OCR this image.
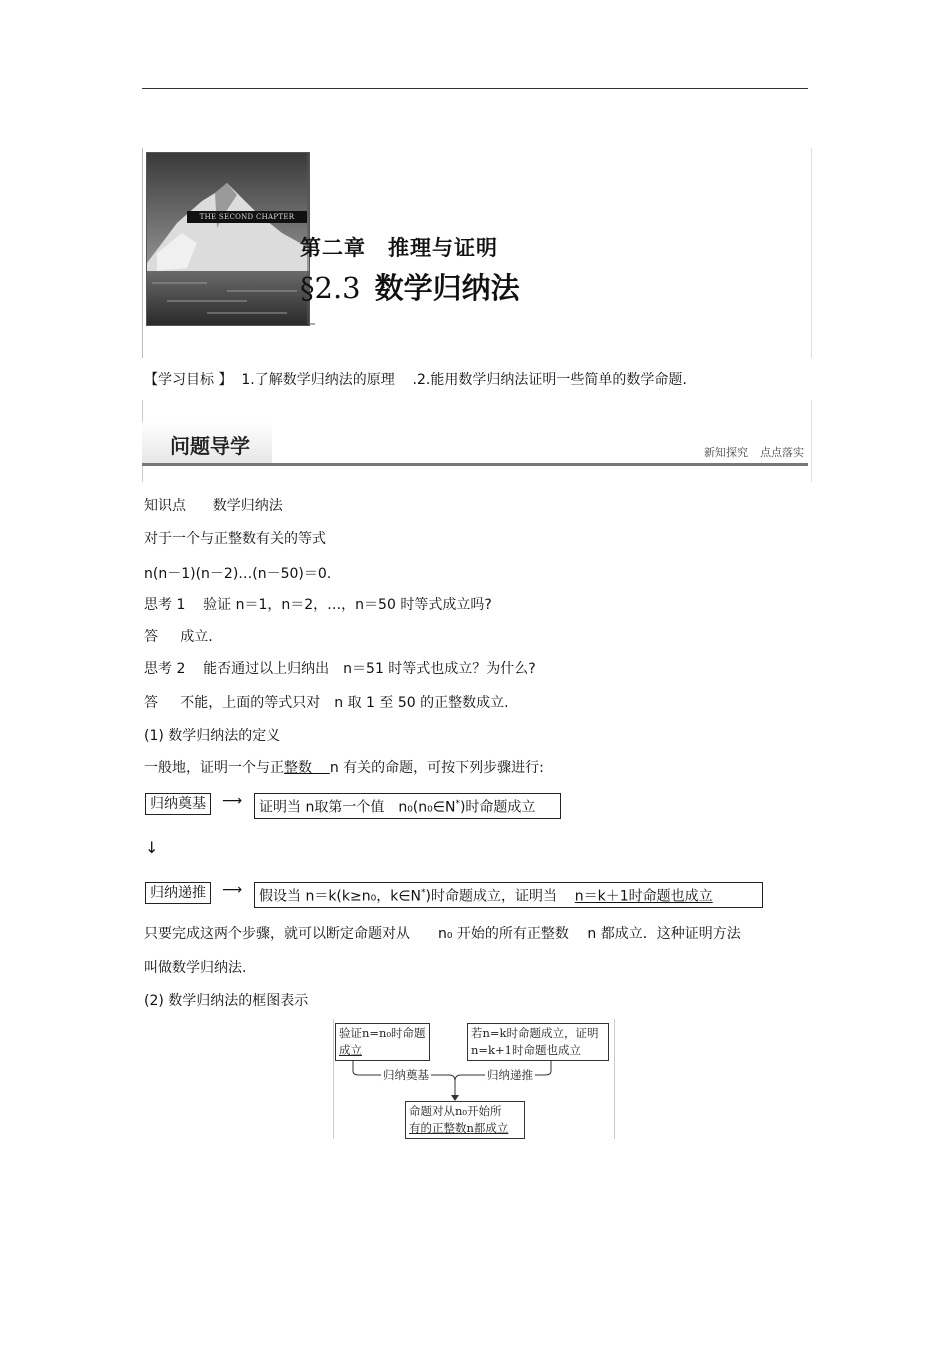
THE SECOND CHAPTER
第二章　推理与证明
§2.3 数学归纳法
【学习目标 】 1.了解数学归纳法的原理 .2.能用数学归纳法证明一些简单的数学命题.
问题导学	新知探究 点点落实
知识点 数学归纳法
对于一个与正整数有关的等式
n(n－1)(n－2)…(n－50)＝0.
思考 1 验证 n＝1，n＝2，…，n＝50 时等式成立吗?
答 成立.
思考 2 能否通过以上归纳出　n＝51 时等式也成立？为什么?
答 不能，上面的等式只对　n 取 1 至 50 的正整数成立.
(1) 数学归纳法的定义
一般地，证明一个与正整数 n 有关的命题，可按下列步骤进行:
归纳奠基	⟶	证明当 n取第一个值　n₀(n₀∈N*)时命题成立
↓
归纳递推	⟶	假设当 n＝k(k≥n₀，k∈N*)时命题成立，证明当 n＝k＋1时命题也成立
只要完成这两个步骤，就可以断定命题对从　　n₀ 开始的所有正整数　 n 都成立．这种证明方法
叫做数学归纳法.
(2) 数学归纳法的框图表示
验证n=n₀时命题
成立
若n=k时命题成立，证明
n=k+1时命题也成立
归纳奠基	归纳递推
命题对从n₀开始所
有的正整数n都成立
